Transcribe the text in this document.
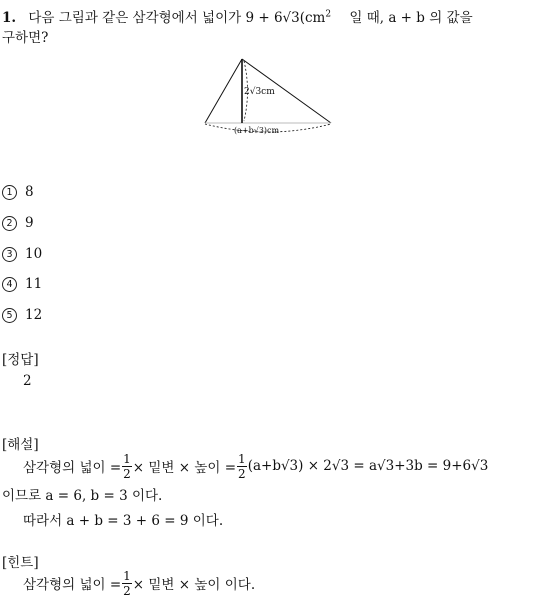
1. 다음 그림과 같은 삼각형에서 넓이가 $9 + 6√3(cm^2$ 일 때, a + b 의 값을
구하면?
2√3cm
(a+b√3)cm
1 8
2 9
3 10
4 11
5 12
[정답]
2
[해설]
삼각형의 넓이 = $\frac{1}{2}$ × 밑변 × 높이 = $\frac{1}{2} (a+b√3) \times 2√3 = a√3+3b = 9+6√3$
이므로 a = 6, b = 3 이다.
따라서 a + b = 3 + 6 = 9 이다.
[힌트]
삼각형의 넓이 = $\frac{1}{2}$ × 밑변 × 높이 이다.
